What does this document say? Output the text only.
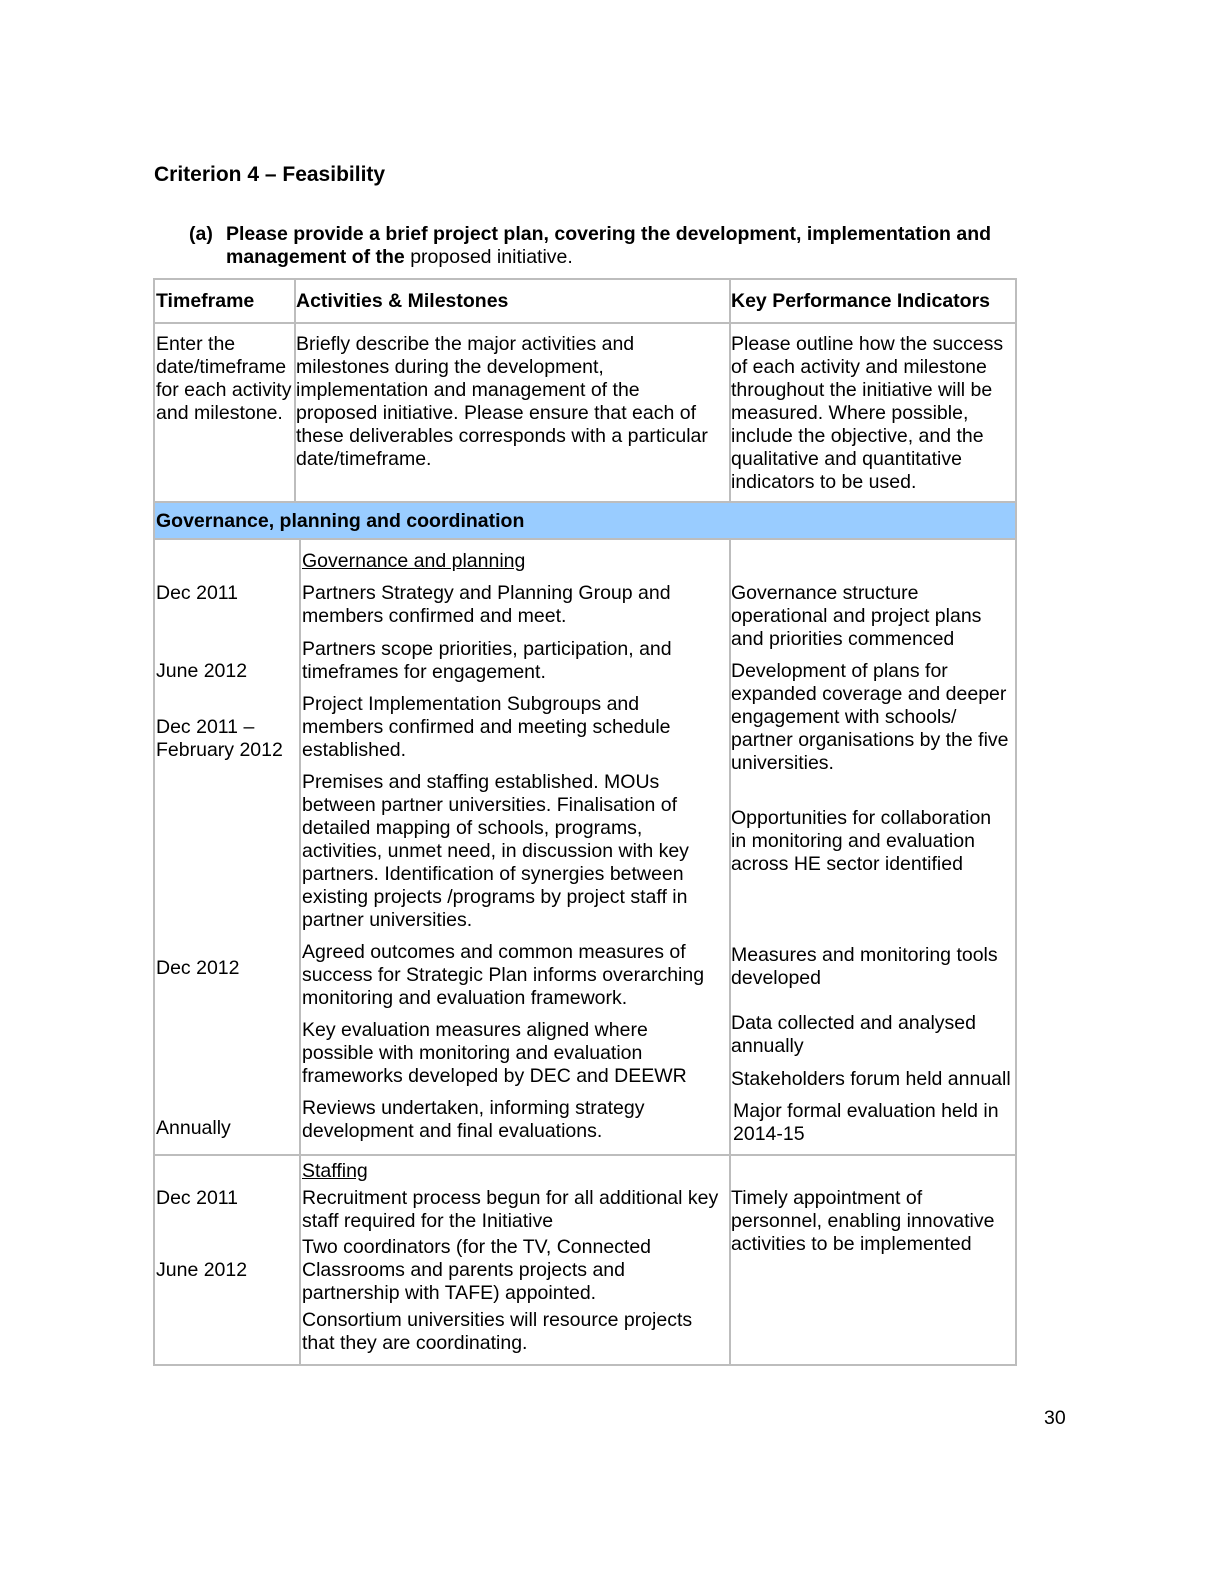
Criterion 4 – Feasibility
(a) Please provide a brief project plan, covering the development, implementation and management of the proposed initiative.
Timeframe Activities & Milestones	Key Performance Indicators
Enter the
date/timeframe
for each activity
and milestone.
Briefly describe the major activities and
milestones during the development,
implementation and management of the
proposed initiative. Please ensure that each of
these deliverables corresponds with a particular
date/timeframe.
Please outline how the success
of each activity and milestone
throughout the initiative will be
measured. Where possible,
include the objective, and the
qualitative and quantitative
indicators to be used.
Governance, planning and coordination
Dec 2011
June 2012
Dec 2011 –
February 2012
Dec 2012
Annually
Governance and planning
Partners Strategy and Planning Group and
members confirmed and meet.
Partners scope priorities, participation, and
timeframes for engagement.
Project Implementation Subgroups and
members confirmed and meeting schedule
established.
Premises and staffing established. MOUs
between partner universities. Finalisation of
detailed mapping of schools, programs,
activities, unmet need, in discussion with key
partners. Identification of synergies between
existing projects /programs by project staff in
partner universities.
Agreed outcomes and common measures of
success for Strategic Plan informs overarching
monitoring and evaluation framework.
Key evaluation measures aligned where
possible with monitoring and evaluation
frameworks developed by DEC and DEEWR
Reviews undertaken, informing strategy
development and final evaluations.
Governance structure
operational and project plans
and priorities commenced
Development of plans for
expanded coverage and deeper
engagement with schools/
partner organisations by the five
universities.
Opportunities for collaboration
in monitoring and evaluation
across HE sector identified
Measures and monitoring tools
developed
Data collected and analysed
annually
Stakeholders forum held annuall
Major formal evaluation held in
2014-15
Dec 2011
June 2012
Staffing
Recruitment process begun for all additional key
staff required for the Initiative
Two coordinators (for the TV, Connected
Classrooms and parents projects and
partnership with TAFE) appointed.
Consortium universities will resource projects
that they are coordinating.
Timely appointment of
personnel, enabling innovative
activities to be implemented
30
